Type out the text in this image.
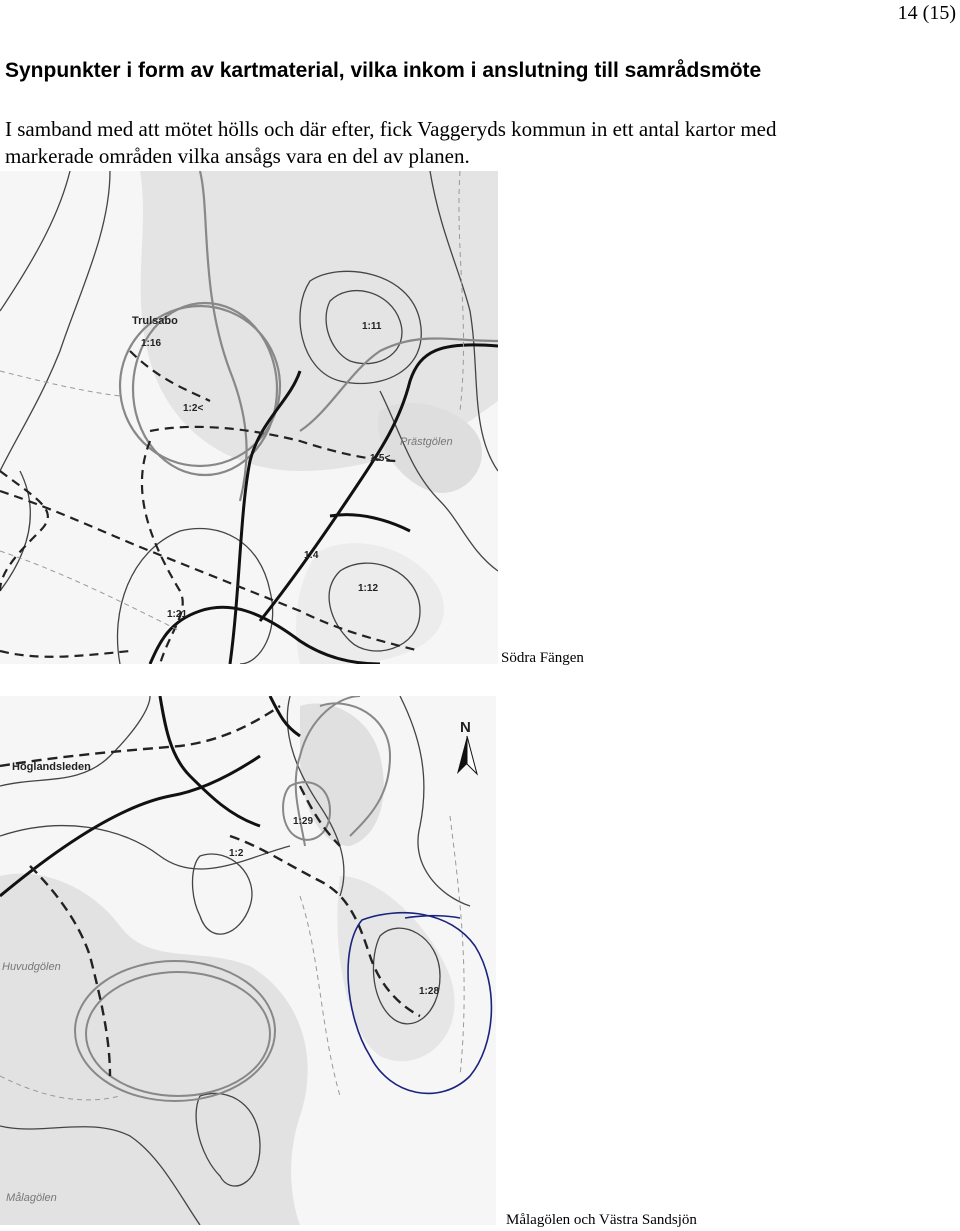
14 (15)
Synpunkter i form av kartmaterial, vilka inkom i anslutning till samrådsmöte

I samband med att mötet hölls och där efter, fick Vaggeryds kommun in ett antal kartor med markerade områden vilka ansågs vara en del av planen.

Trulsabo
1:16
1:11
1:2<
Prästgölen
1:5<
1:4
1:12
1:21
Södra Fängen
N
Höglandsleden
1:29
1:2
Huvudgölen
1:28
Målagölen
Målagölen och Västra Sandsjön
